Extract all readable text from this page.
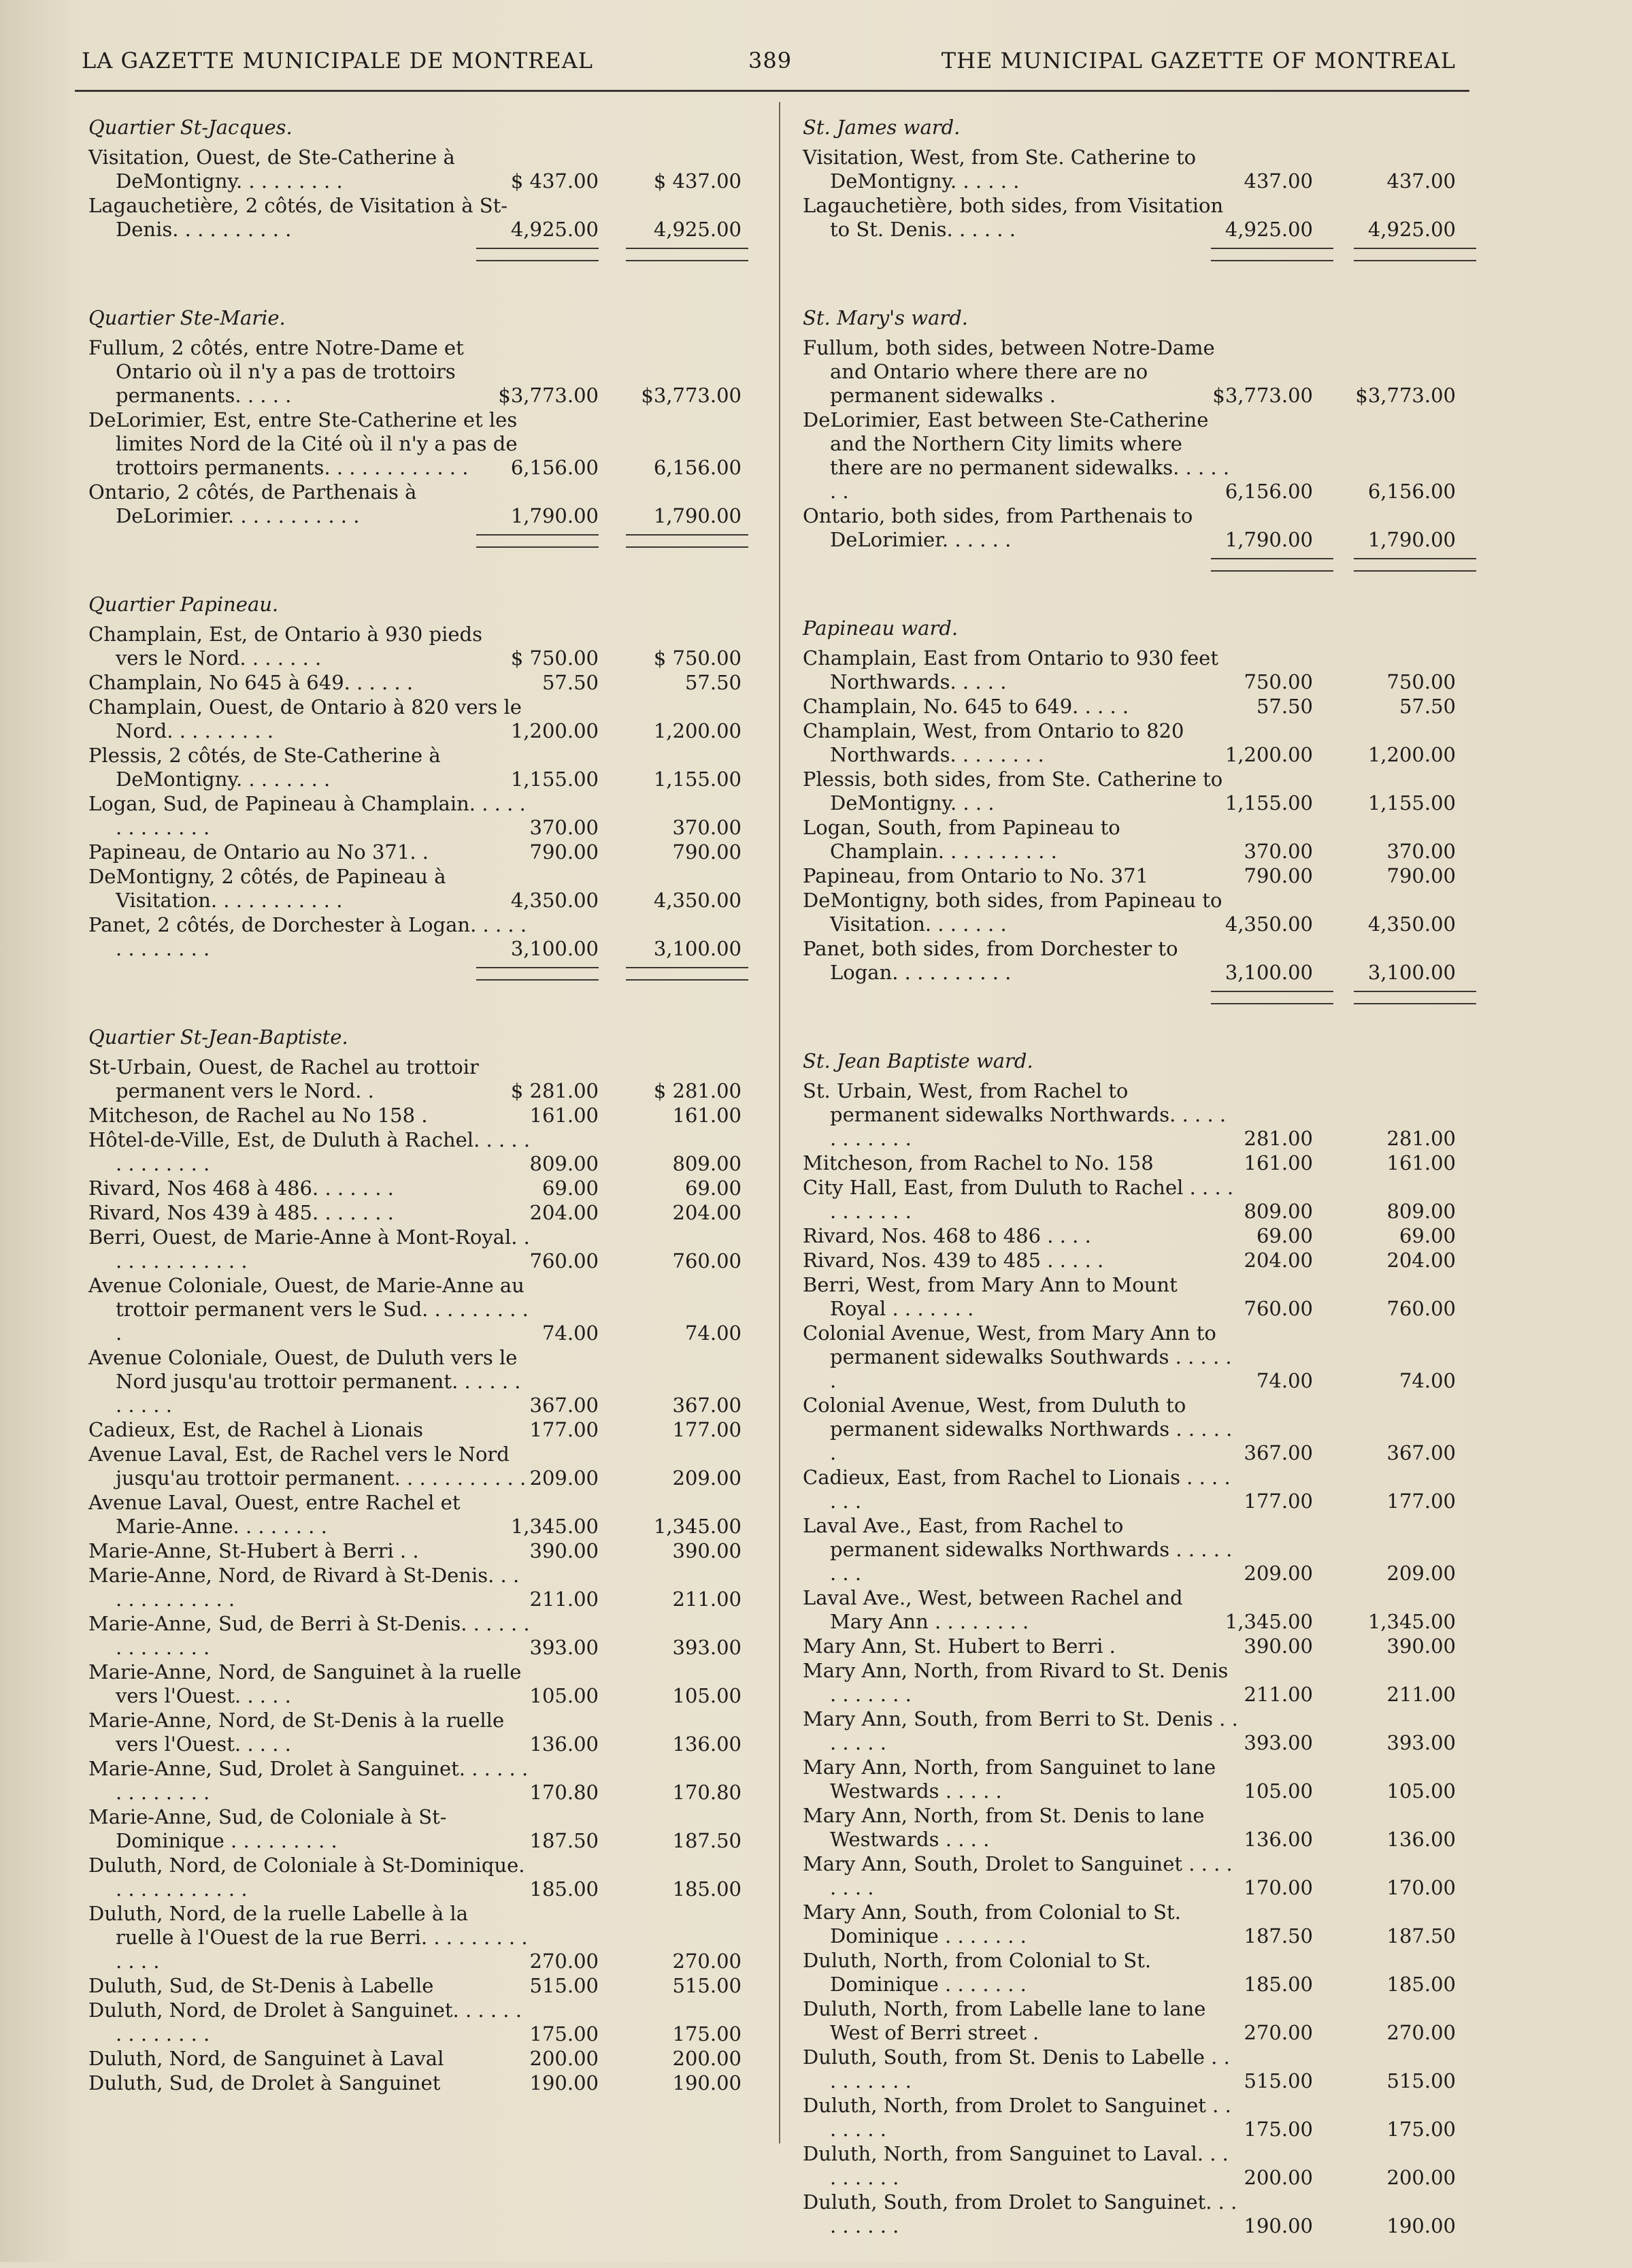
LA GAZETTE MUNICIPALE DE MONTREAL	389	THE MUNICIPAL GAZETTE OF MONTREAL
Quartier St-Jacques.
Visitation, Ouest, de Ste-Catherine à DeMontigny. . . . . . . . .	$ 437.00	$ 437.00
Lagauchetière, 2 côtés, de Visitation à St-Denis. . . . . . . . . .	4,925.00	4,925.00
Quartier Ste-Marie.
Fullum, 2 côtés, entre Notre-Dame et Ontario où il n'y a pas de trottoirs permanents. . . . .	$3,773.00 $3,773.00
DeLorimier, Est, entre Ste-Catherine et les limites Nord de la Cité où il n'y a pas de trottoirs permanents. . . . . . . . . . . .	6,156.00	6,156.00
Ontario, 2 côtés, de Parthenais à DeLorimier. . . . . . . . . . .	1,790.00	1,790.00
Quartier Papineau.
Champlain, Est, de Ontario à 930 pieds vers le Nord. . . . . . .	$ 750.00	$ 750.00
Champlain, No 645 à 649. . . . . .	57.50	57.50
Champlain, Ouest, de Ontario à 820 vers le Nord. . . . . . . . .	1,200.00	1,200.00
Plessis, 2 côtés, de Ste-Catherine à DeMontigny. . . . . . . .	1,155.00	1,155.00
Logan, Sud, de Papineau à Champlain. . . . . . . . . . . . .	370.00	370.00
Papineau, de Ontario au No 371. .	790.00	790.00
DeMontigny, 2 côtés, de Papineau à Visitation. . . . . . . . . . .	4,350.00	4,350.00
Panet, 2 côtés, de Dorchester à Logan. . . . . . . . . . . . .	3,100.00	3,100.00
Quartier St-Jean-Baptiste.
St-Urbain, Ouest, de Rachel au trottoir permanent vers le Nord. .	$ 281.00	$ 281.00
Mitcheson, de Rachel au No 158 .	161.00	161.00
Hôtel-de-Ville, Est, de Duluth à Rachel. . . . . . . . . . . . .	809.00	809.00
Rivard, Nos 468 à 486. . . . . . .	69.00	69.00
Rivard, Nos 439 à 485. . . . . . .	204.00	204.00
Berri, Ouest, de Marie-Anne à Mont-Royal. . . . . . . . . . . . .	760.00	760.00
Avenue Coloniale, Ouest, de Marie-Anne au trottoir permanent vers le Sud. . . . . . . . . .	74.00	74.00
Avenue Coloniale, Ouest, de Duluth vers le Nord jusqu'au trottoir permanent. . . . . . . . . . .	367.00	367.00
Cadieux, Est, de Rachel à Lionais	177.00	177.00
Avenue Laval, Est, de Rachel vers le Nord jusqu'au trottoir permanent. . . . . . . . . . . 209.00	209.00
Avenue Laval, Ouest, entre Rachel et Marie-Anne. . . . . . . .	1,345.00	1,345.00
Marie-Anne, St-Hubert à Berri . .	390.00	390.00
Marie-Anne, Nord, de Rivard à St-Denis. . . . . . . . . . . . .	211.00	211.00
Marie-Anne, Sud, de Berri à St-Denis. . . . . . . . . . . . . .	393.00	393.00
Marie-Anne, Nord, de Sanguinet à la ruelle vers l'Ouest. . . . .	105.00	105.00
Marie-Anne, Nord, de St-Denis à la ruelle vers l'Ouest. . . . .	136.00	136.00
Marie-Anne, Sud, Drolet à Sanguinet. . . . . . . . . . . . . .	170.80	170.80
Marie-Anne, Sud, de Coloniale à St-Dominique . . . . . . . . .	187.50	187.50
Duluth, Nord, de Coloniale à St-Dominique. . . . . . . . . . . .	185.00	185.00
Duluth, Nord, de la ruelle Labelle à la ruelle à l'Ouest de la rue Berri. . . . . . . . . . . . .	270.00	270.00
Duluth, Sud, de St-Denis à Labelle	515.00	515.00
Duluth, Nord, de Drolet à Sanguinet. . . . . . . . . . . . . .	175.00	175.00
Duluth, Nord, de Sanguinet à Laval	200.00	200.00
Duluth, Sud, de Drolet à Sanguinet	190.00	190.00
St. James ward.
Visitation, West, from Ste. Catherine to DeMontigny. . . . . .	437.00	437.00
Lagauchetière, both sides, from Visitation to St. Denis. . . . . .	4,925.00	4,925.00
St. Mary's ward.
Fullum, both sides, between Notre-Dame and Ontario where there are no permanent sidewalks .	$3,773.00 $3,773.00
DeLorimier, East between Ste-Catherine and the Northern City limits where there are no permanent sidewalks. . . . . . .	6,156.00	6,156.00
Ontario, both sides, from Parthenais to DeLorimier. . . . . .	1,790.00	1,790.00
Papineau ward.
Champlain, East from Ontario to 930 feet Northwards. . . . .	750.00	750.00
Champlain, No. 645 to 649. . . . .	57.50	57.50
Champlain, West, from Ontario to 820 Northwards. . . . . . . .	1,200.00	1,200.00
Plessis, both sides, from Ste. Catherine to DeMontigny. . . .	1,155.00	1,155.00
Logan, South, from Papineau to Champlain. . . . . . . . . .	370.00	370.00
Papineau, from Ontario to No. 371	790.00	790.00
DeMontigny, both sides, from Papineau to Visitation. . . . . . .	4,350.00	4,350.00
Panet, both sides, from Dorchester to Logan. . . . . . . . . .	3,100.00	3,100.00
St. Jean Baptiste ward.
St. Urbain, West, from Rachel to permanent sidewalks Northwards. . . . . . . . . . . .	281.00	281.00
Mitcheson, from Rachel to No. 158	161.00	161.00
City Hall, East, from Duluth to Rachel . . . . . . . . . . .	809.00	809.00
Rivard, Nos. 468 to 486 . . . .	69.00	69.00
Rivard, Nos. 439 to 485 . . . . .	204.00	204.00
Berri, West, from Mary Ann to Mount Royal . . . . . . .	760.00	760.00
Colonial Avenue, West, from Mary Ann to permanent sidewalks Southwards . . . . . .	74.00	74.00
Colonial Avenue, West, from Duluth to permanent sidewalks Northwards . . . . . .	367.00	367.00
Cadieux, East, from Rachel to Lionais . . . . . . .	177.00	177.00
Laval Ave., East, from Rachel to permanent sidewalks Northwards . . . . . . . .	209.00	209.00
Laval Ave., West, between Rachel and Mary Ann . . . . . . . .	1,345.00	1,345.00
Mary Ann, St. Hubert to Berri .	390.00	390.00
Mary Ann, North, from Rivard to St. Denis . . . . . . .	211.00	211.00
Mary Ann, South, from Berri to St. Denis . . . . . . .	393.00	393.00
Mary Ann, North, from Sanguinet to lane Westwards . . . . .	105.00	105.00
Mary Ann, North, from St. Denis to lane Westwards . . . .	136.00	136.00
Mary Ann, South, Drolet to Sanguinet . . . . . . . .	170.00	170.00
Mary Ann, South, from Colonial to St. Dominique . . . . . . .	187.50	187.50
Duluth, North, from Colonial to St. Dominique . . . . . . .	185.00	185.00
Duluth, North, from Labelle lane to lane West of Berri street .	270.00	270.00
Duluth, South, from St. Denis to Labelle . . . . . . . . .	515.00	515.00
Duluth, North, from Drolet to Sanguinet . . . . . . .	175.00	175.00
Duluth, North, from Sanguinet to Laval. . . . . . . . .	200.00	200.00
Duluth, South, from Drolet to Sanguinet. . . . . . . . .	190.00	190.00
